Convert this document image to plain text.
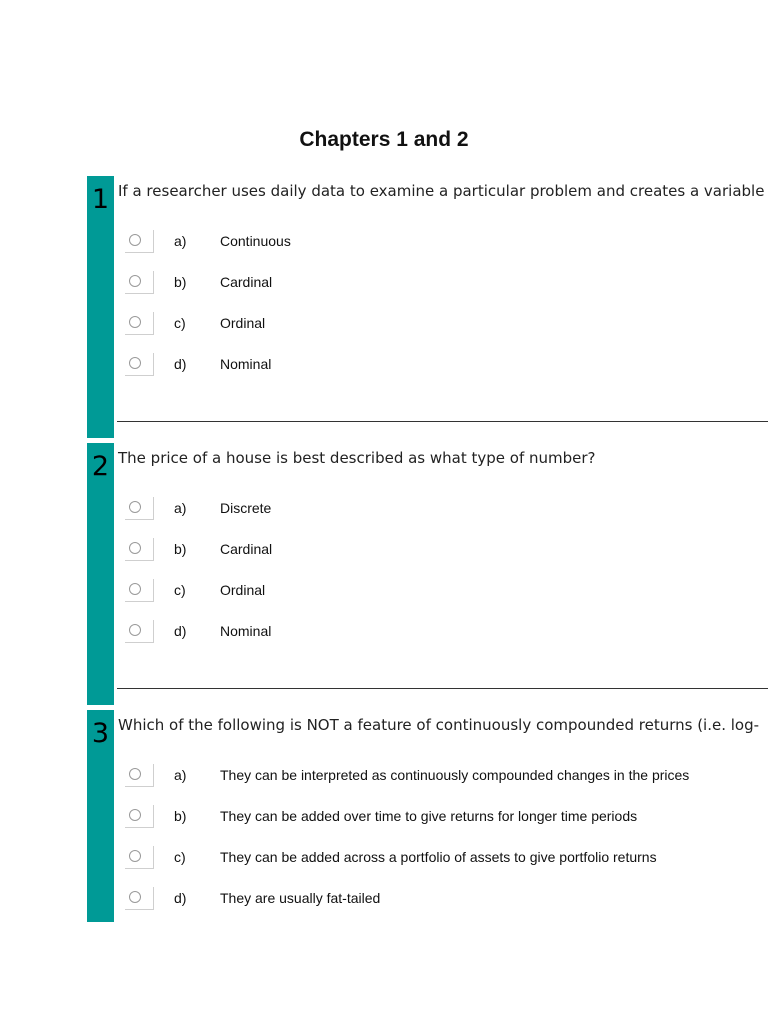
Chapters 1 and 2
1 If a researcher uses daily data to examine a particular problem and creates a variable
a) Continuous
b) Cardinal
c) Ordinal
d) Nominal
2 The price of a house is best described as what type of number?
a) Discrete
b) Cardinal
c) Ordinal
d) Nominal
3 Which of the following is NOT a feature of continuously compounded returns (i.e. log-
a) They can be interpreted as continuously compounded changes in the prices
b) They can be added over time to give returns for longer time periods
c) They can be added across a portfolio of assets to give portfolio returns
d) They are usually fat-tailed
